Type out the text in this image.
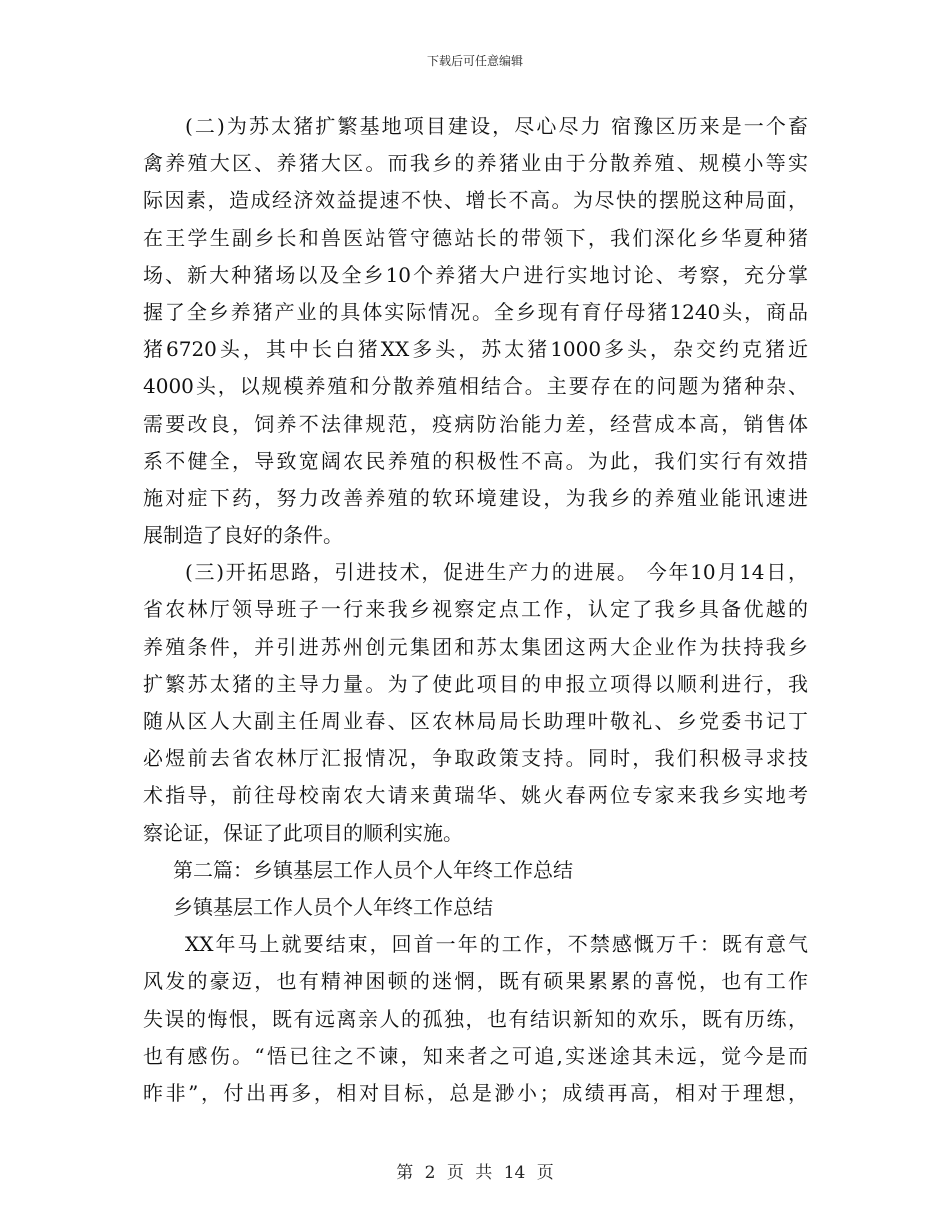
下载后可任意编辑
(二)为苏太猪扩繁基地项目建设，尽心尽力 宿豫区历来是一个畜
禽养殖大区、养猪大区。而我乡的养猪业由于分散养殖、规模小等实
际因素，造成经济效益提速不快、增长不高。为尽快的摆脱这种局面，
在王学生副乡长和兽医站管守德站长的带领下，我们深化乡华夏种猪
场、新大种猪场以及全乡10个养猪大户进行实地讨论、考察，充分掌
握了全乡养猪产业的具体实际情况。全乡现有育仔母猪1240头，商品
猪6720头，其中长白猪XX多头，苏太猪1000多头，杂交约克猪近
4000头，以规模养殖和分散养殖相结合。主要存在的问题为猪种杂、
需要改良，饲养不法律规范，疫病防治能力差，经营成本高，销售体
系不健全，导致宽阔农民养殖的积极性不高。为此，我们实行有效措
施对症下药，努力改善养殖的软环境建设，为我乡的养殖业能讯速进
展制造了良好的条件。
(三)开拓思路，引进技术，促进生产力的进展。 今年10月14日，
省农林厅领导班子一行来我乡视察定点工作，认定了我乡具备优越的
养殖条件，并引进苏州创元集团和苏太集团这两大企业作为扶持我乡
扩繁苏太猪的主导力量。为了使此项目的申报立项得以顺利进行，我
随从区人大副主任周业春、区农林局局长助理叶敬礼、乡党委书记丁
必煜前去省农林厅汇报情况，争取政策支持。同时，我们积极寻求技
术指导，前往母校南农大请来黄瑞华、姚火春两位专家来我乡实地考
察论证，保证了此项目的顺利实施。
第二篇：乡镇基层工作人员个人年终工作总结
乡镇基层工作人员个人年终工作总结
XX年马上就要结束，回首一年的工作，不禁感慨万千：既有意气
风发的豪迈，也有精神困顿的迷惘，既有硕果累累的喜悦，也有工作
失误的悔恨，既有远离亲人的孤独，也有结识新知的欢乐，既有历练，
也有感伤。“悟已往之不谏，知来者之可追,实迷途其未远，觉今是而
昨非”，付出再多，相对目标，总是渺小；成绩再高，相对于理想，
第 2 页 共 14 页
